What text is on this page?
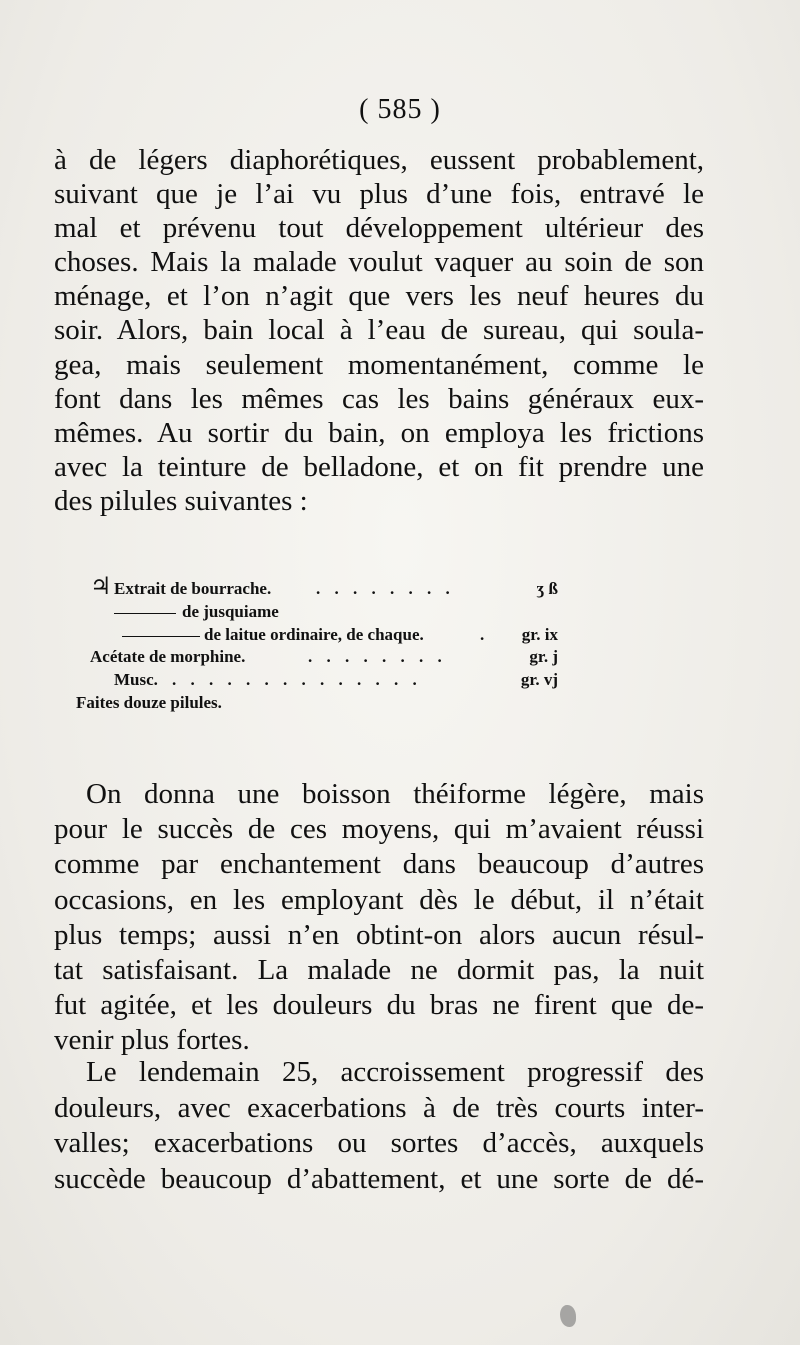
( 585 )
à de légers diaphorétiques, eussent probablement,
suivant que je l’ai vu plus d’une fois, entravé le
mal et prévenu tout développement ultérieur des
choses. Mais la malade voulut vaquer au soin de son
ménage, et l’on n’agit que vers les neuf heures du
soir. Alors, bain local à l’eau de sureau, qui soula-
gea, mais seulement momentanément, comme le
font dans les mêmes cas les bains généraux eux-
mêmes. Au sortir du bain, on employa les frictions
avec la teinture de belladone, et on fit prendre une
des pilules suivantes :
♃ Extrait de bourrache.	. . . . . . . .	ʒ ß
de jusquiame
de laitue ordinaire, de chaque.	. gr. ix
Acétate de morphine.	. . . . . . . .	gr. j
Musc. . . . . . . . . . . . . . .	gr. vj
Faites douze pilules.
On donna une boisson théiforme légère, mais
pour le succès de ces moyens, qui m’avaient réussi
comme par enchantement dans beaucoup d’autres
occasions, en les employant dès le début, il n’était
plus temps; aussi n’en obtint-on alors aucun résul-
tat satisfaisant. La malade ne dormit pas, la nuit
fut agitée, et les douleurs du bras ne firent que de-
venir plus fortes.
Le lendemain 25, accroissement progressif des
douleurs, avec exacerbations à de très courts inter-
valles; exacerbations ou sortes d’accès, auxquels
succède beaucoup d’abattement, et une sorte de dé-
